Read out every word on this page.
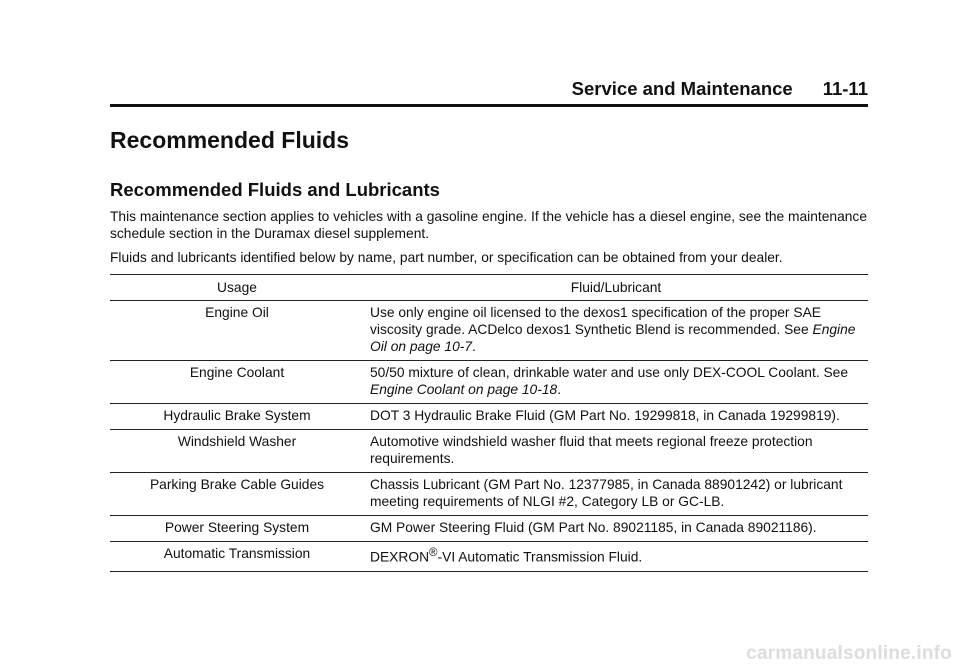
Service and Maintenance 11-11
Recommended Fluids
Recommended Fluids and Lubricants

This maintenance section applies to vehicles with a gasoline engine. If the vehicle has a diesel engine, see the maintenance schedule section in the Duramax diesel supplement.

Fluids and lubricants identified below by name, part number, or specification can be obtained from your dealer.

Usage	Fluid/Lubricant
Engine Oil	Use only engine oil licensed to the dexos1 specification of the proper SAE viscosity grade. ACDelco dexos1 Synthetic Blend is recommended. See Engine Oil on page 10-7.
Engine Coolant	50/50 mixture of clean, drinkable water and use only DEX-COOL Coolant. See Engine Coolant on page 10-18.
Hydraulic Brake System	DOT 3 Hydraulic Brake Fluid (GM Part No. 19299818, in Canada 19299819).
Windshield Washer	Automotive windshield washer fluid that meets regional freeze protection requirements.
Parking Brake Cable Guides	Chassis Lubricant (GM Part No. 12377985, in Canada 88901242) or lubricant meeting requirements of NLGI #2, Category LB or GC-LB.
Power Steering System	GM Power Steering Fluid (GM Part No. 89021185, in Canada 89021186).
Automatic Transmission	DEXRON®-VI Automatic Transmission Fluid.
carmanualsonline.info
